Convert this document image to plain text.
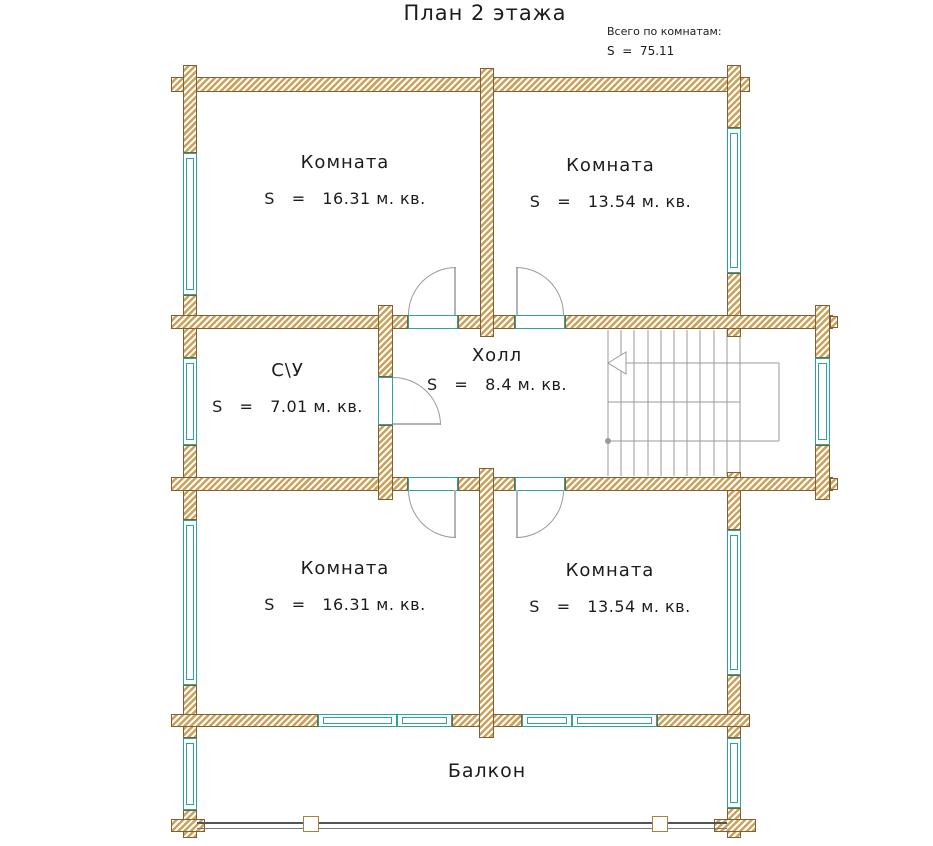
План 2 этажа
Всего по комнатам:
S  =  75.11
Комната
S   =   16.31 м. кв.
Комната
S   =   13.54 м. кв.
С\У
S   =   7.01 м. кв.
Холл
S   =   8.4 м. кв.
Комната
S   =   16.31 м. кв.
Комната
S   =   13.54 м. кв.
Балкон
